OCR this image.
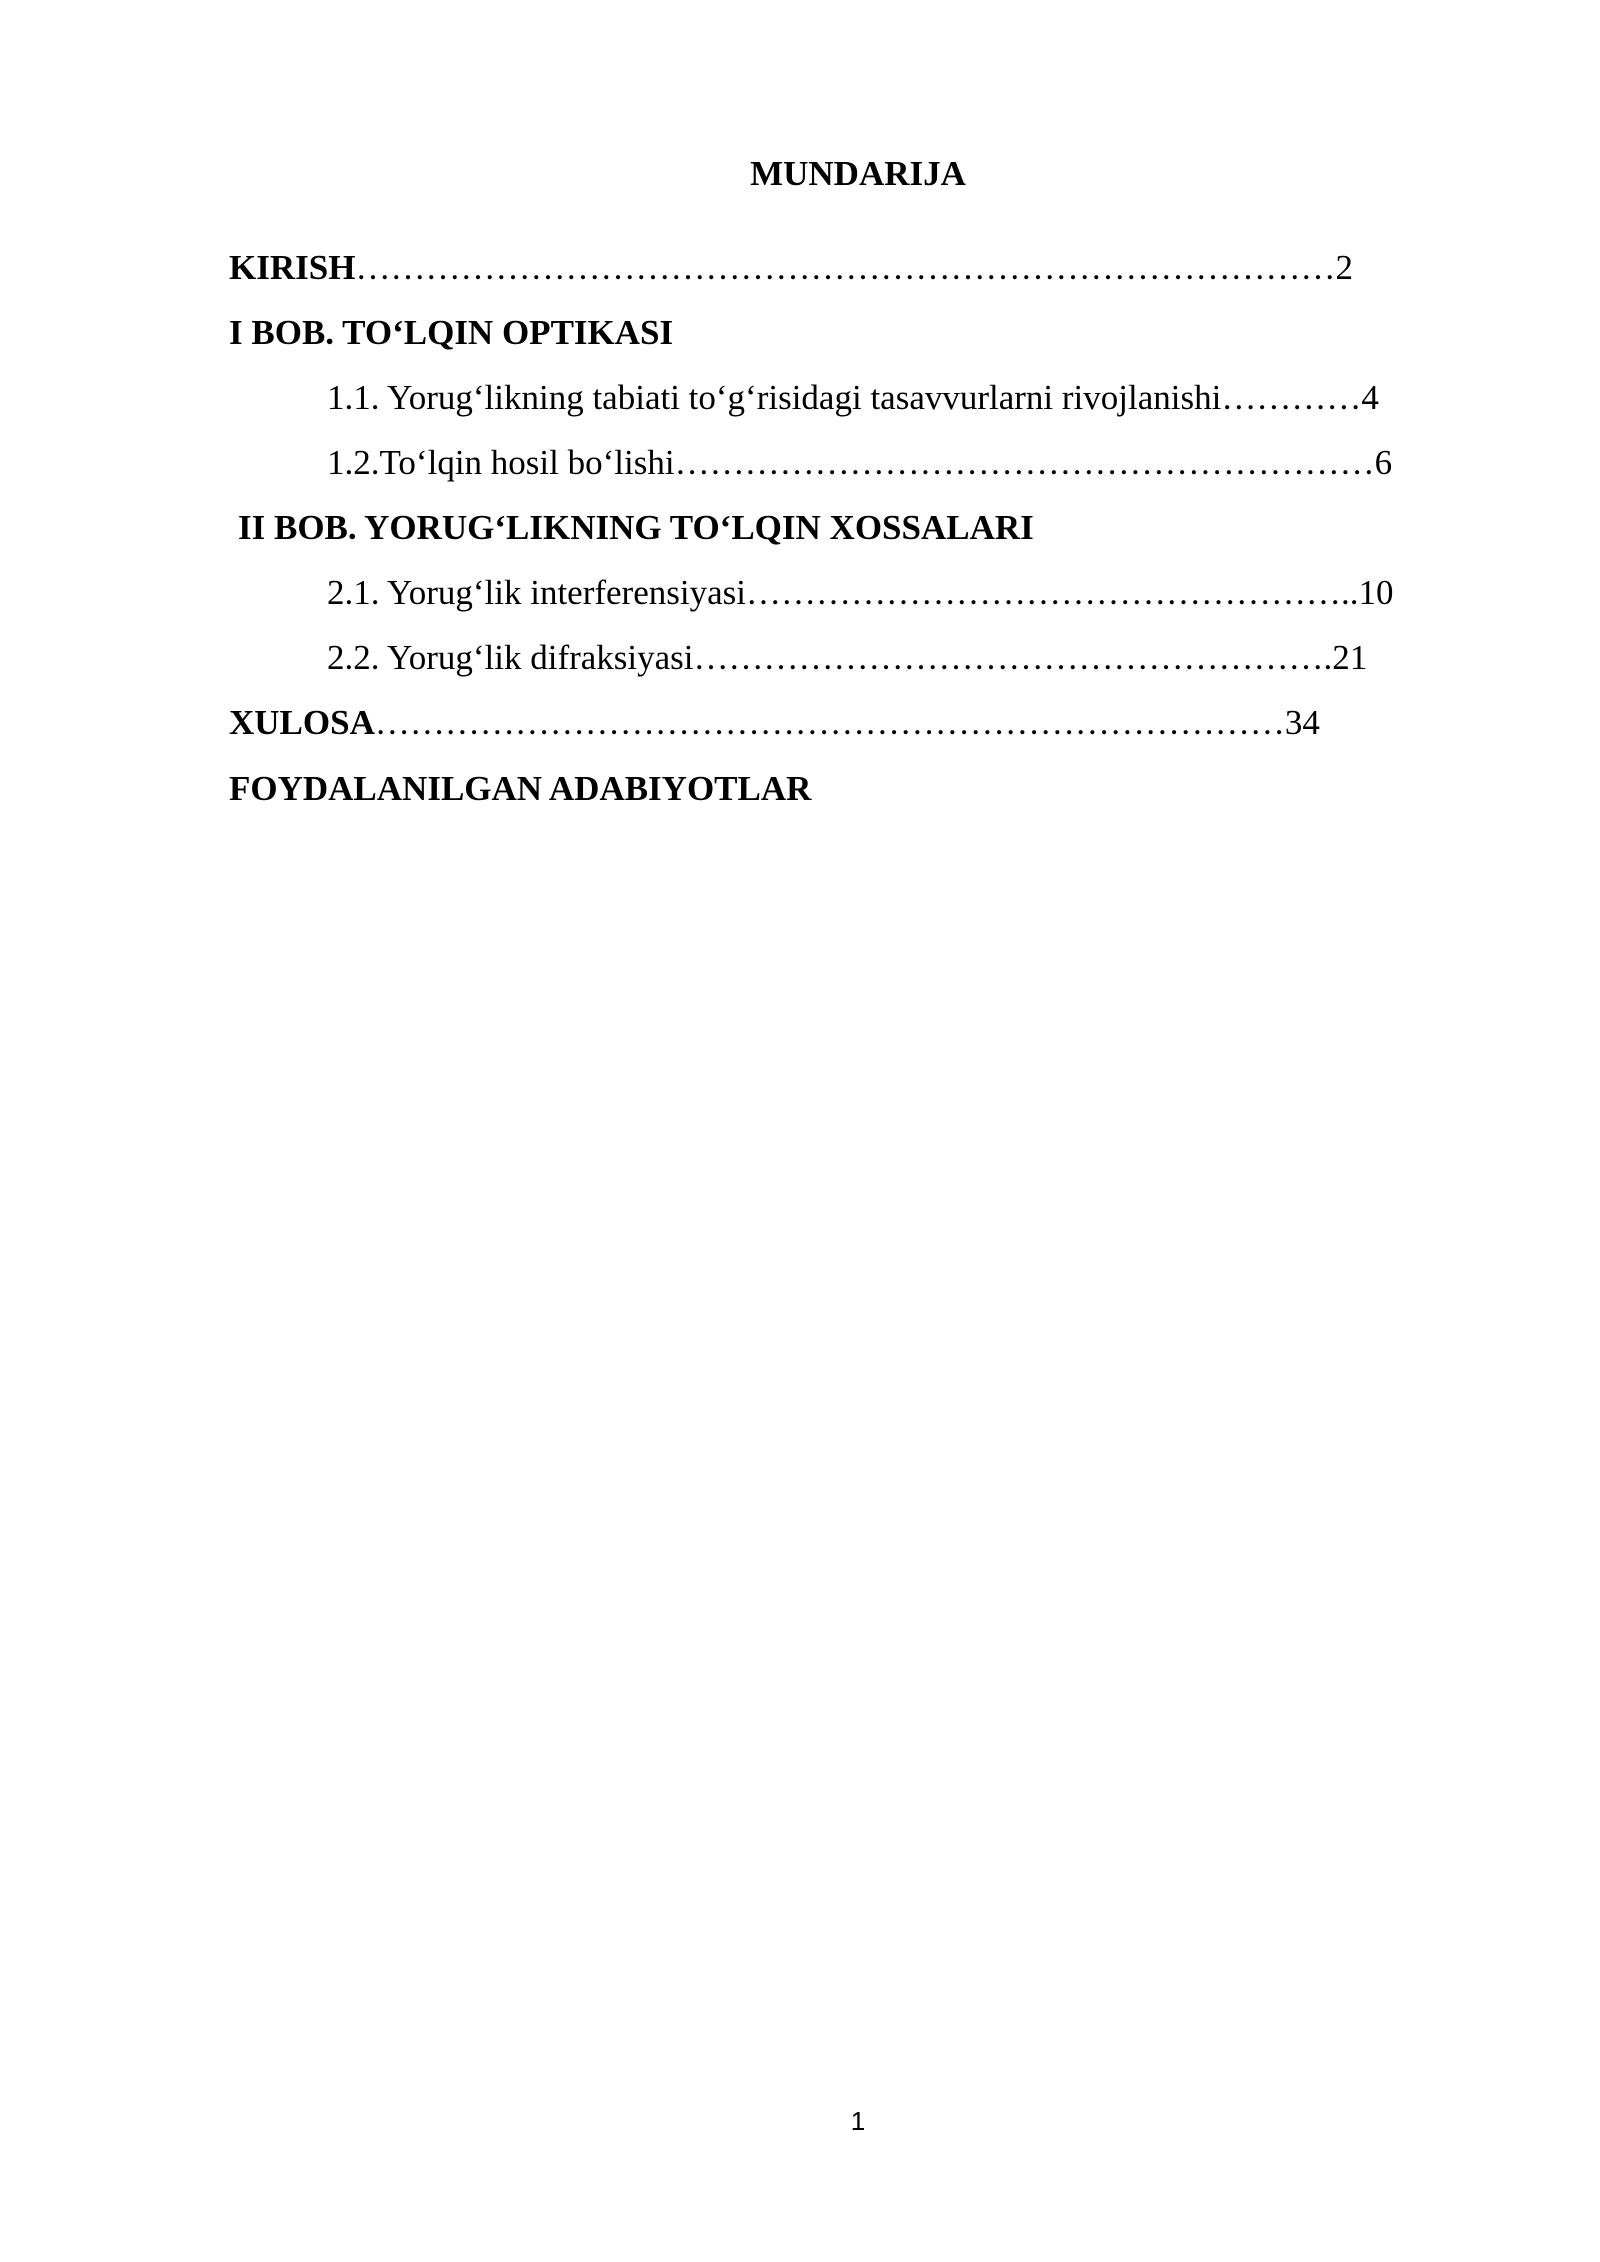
MUNDARIJA
KIRISH…………………………………………………………………………2
I BOB. TO‘LQIN OPTIKASI
1.1. Yorug‘likning tabiati to‘g‘risidagi tasavvurlarni rivojlanishi…………4
1.2.To‘lqin hosil bo‘lishi……………………………………………………6
II BOB. YORUG‘LIKNING TO‘LQIN XOSSALARI
2.1. Yorug‘lik interferensiyasi……………………………………………..10
2.2. Yorug‘lik difraksiyasi……………………………………………….21
XULOSA……………………………………………………………………34
FOYDALANILGAN ADABIYOTLAR
1
